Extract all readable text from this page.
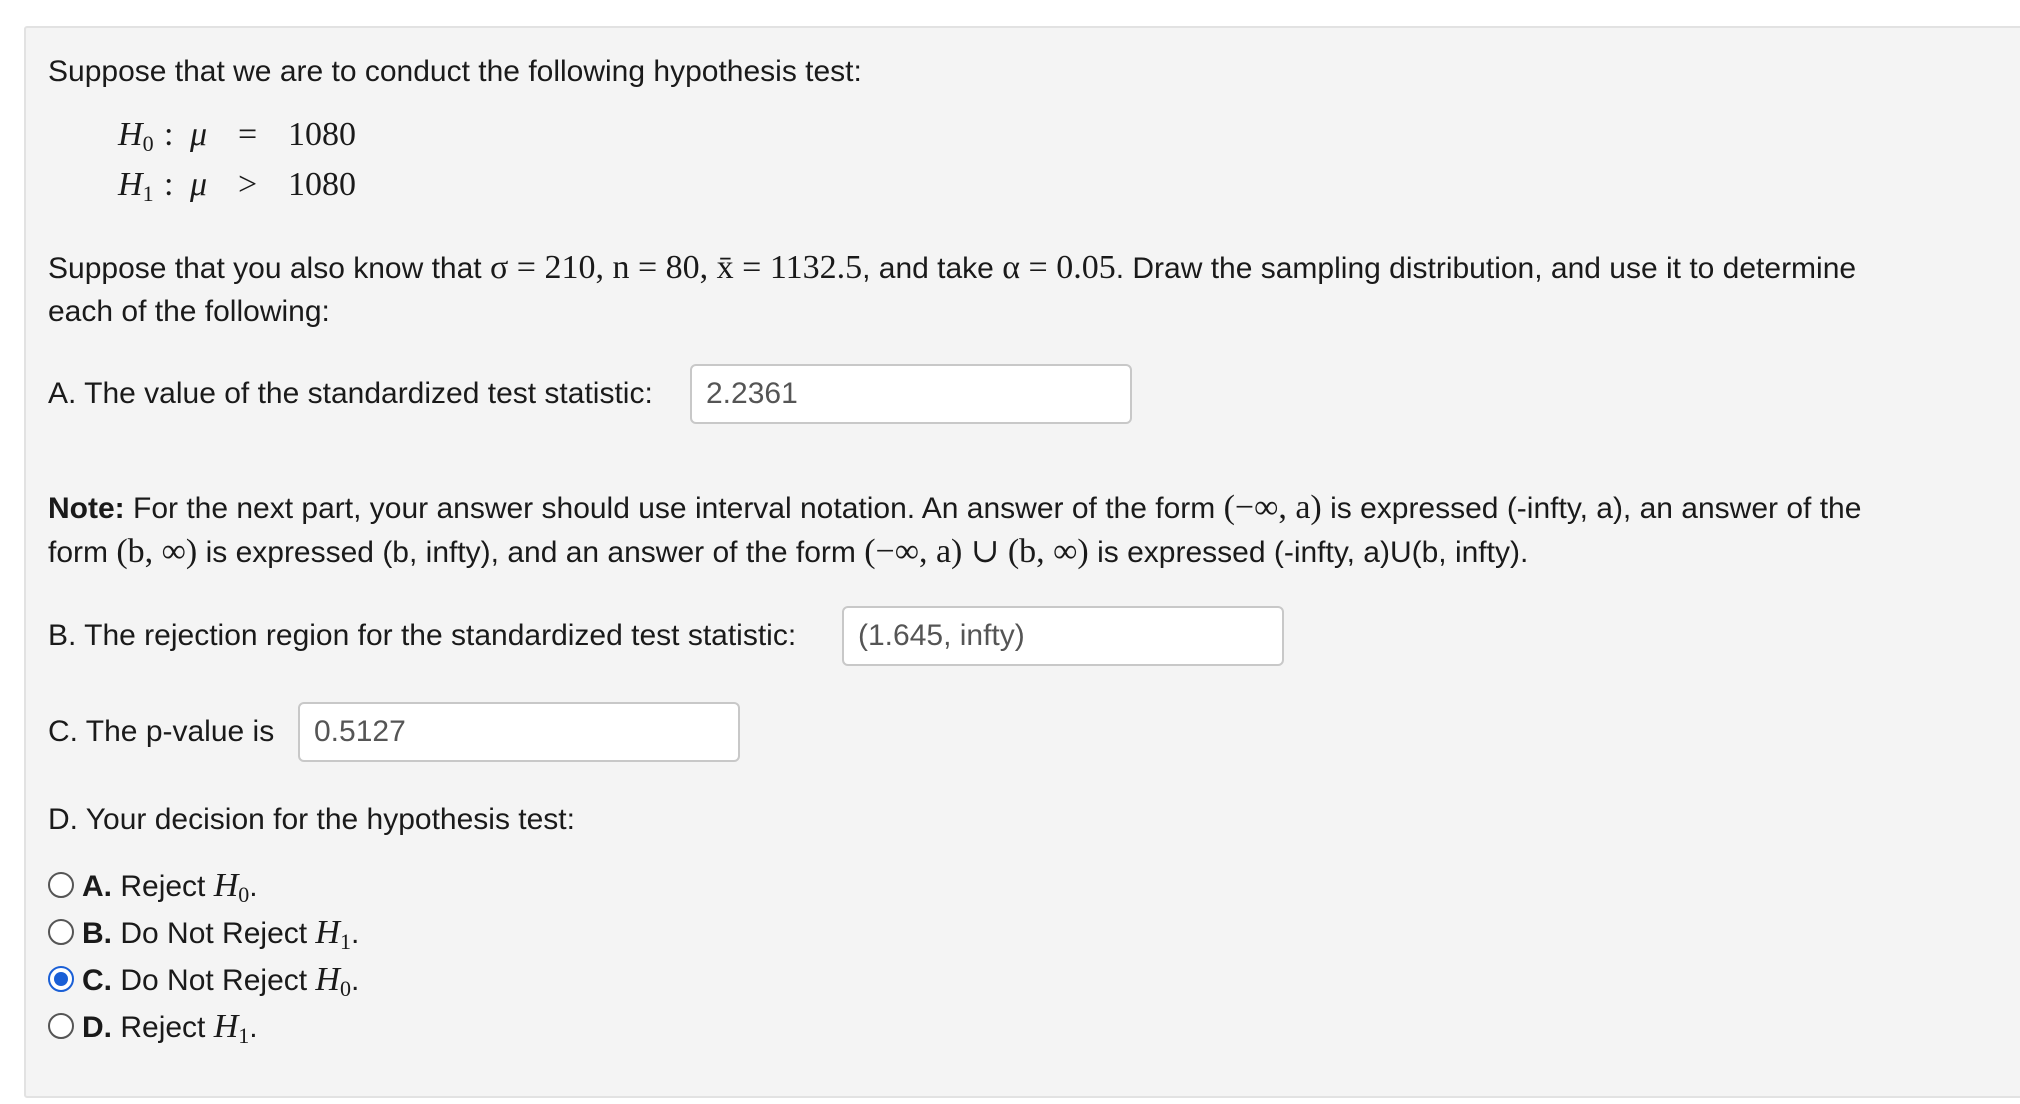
Suppose that we are to conduct the following hypothesis test:
$H_0$ : μ = 1080
$H_1$ : μ > 1080
Suppose that you also know that σ = 210, n = 80, x̄ = 1132.5, and take α = 0.05. Draw the sampling distribution, and use it to determine
each of the following:
A. The value of the standardized test statistic:	2.2361
Note: For the next part, your answer should use interval notation. An answer of the form (−∞, a) is expressed (-infty, a), an answer of the
form (b, ∞) is expressed (b, infty), and an answer of the form (−∞, a) ∪ (b, ∞) is expressed (-infty, a)U(b, infty).
B. The rejection region for the standardized test statistic:	(1.645, infty)
C. The p-value is	0.5127
D. Your decision for the hypothesis test:
A. Reject $H_0$.
B. Do Not Reject $H_1$.
C. Do Not Reject $H_0$.
D. Reject $H_1$.
